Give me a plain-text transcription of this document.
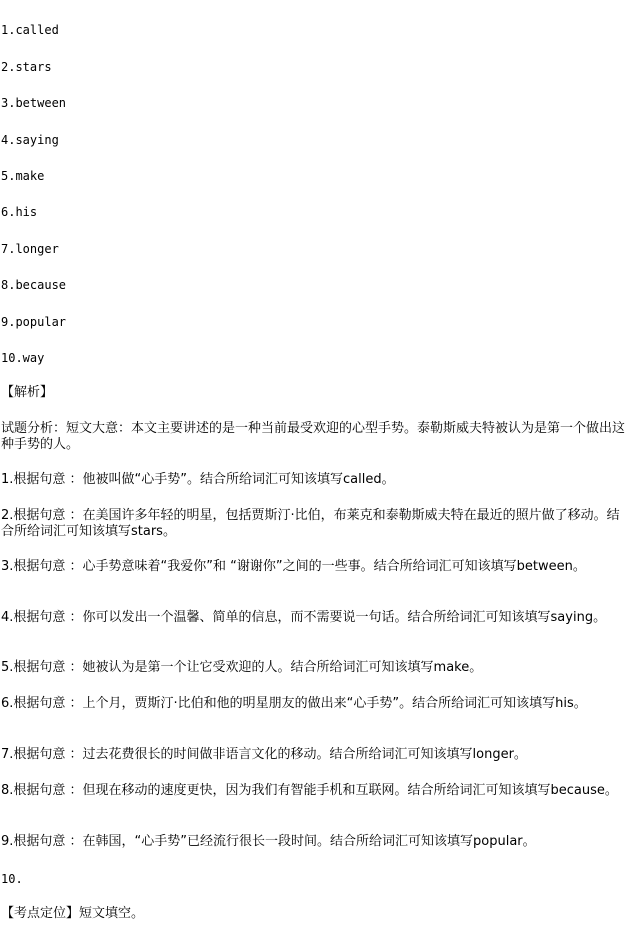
1.called
2.stars
3.between
4.saying
5.make
6.his
7.longer
8.because
9.popular
10.way
【解析】
试题分析：短文大意：本文主要讲述的是一种当前最受欢迎的心型手势。泰勒斯威夫特被认为是第一个做出这种手势的人。
1.根据句意 ：他被叫做“心手势”。结合所给词汇可知该填写called。
2.根据句意 ：在美国许多年轻的明星，包括贾斯汀·比伯，布莱克和泰勒斯威夫特在最近的照片做了移动。结合所给词汇可知该填写stars。
3.根据句意 ：心手势意味着“我爱你”和 “谢谢你”之间的一些事。结合所给词汇可知该填写between。
4.根据句意 ：你可以发出一个温馨、简单的信息，而不需要说一句话。结合所给词汇可知该填写saying。
5.根据句意 ：她被认为是第一个让它受欢迎的人。结合所给词汇可知该填写make。
6.根据句意 ：上个月，贾斯汀·比伯和他的明星朋友的做出来“心手势”。结合所给词汇可知该填写his。
7.根据句意 ：过去花费很长的时间做非语言文化的移动。结合所给词汇可知该填写longer。
8.根据句意 ：但现在移动的速度更快，因为我们有智能手机和互联网。结合所给词汇可知该填写because。
9.根据句意 ：在韩国，“心手势”已经流行很长一段时间。结合所给词汇可知该填写popular。
10.
【考点定位】短文填空。
